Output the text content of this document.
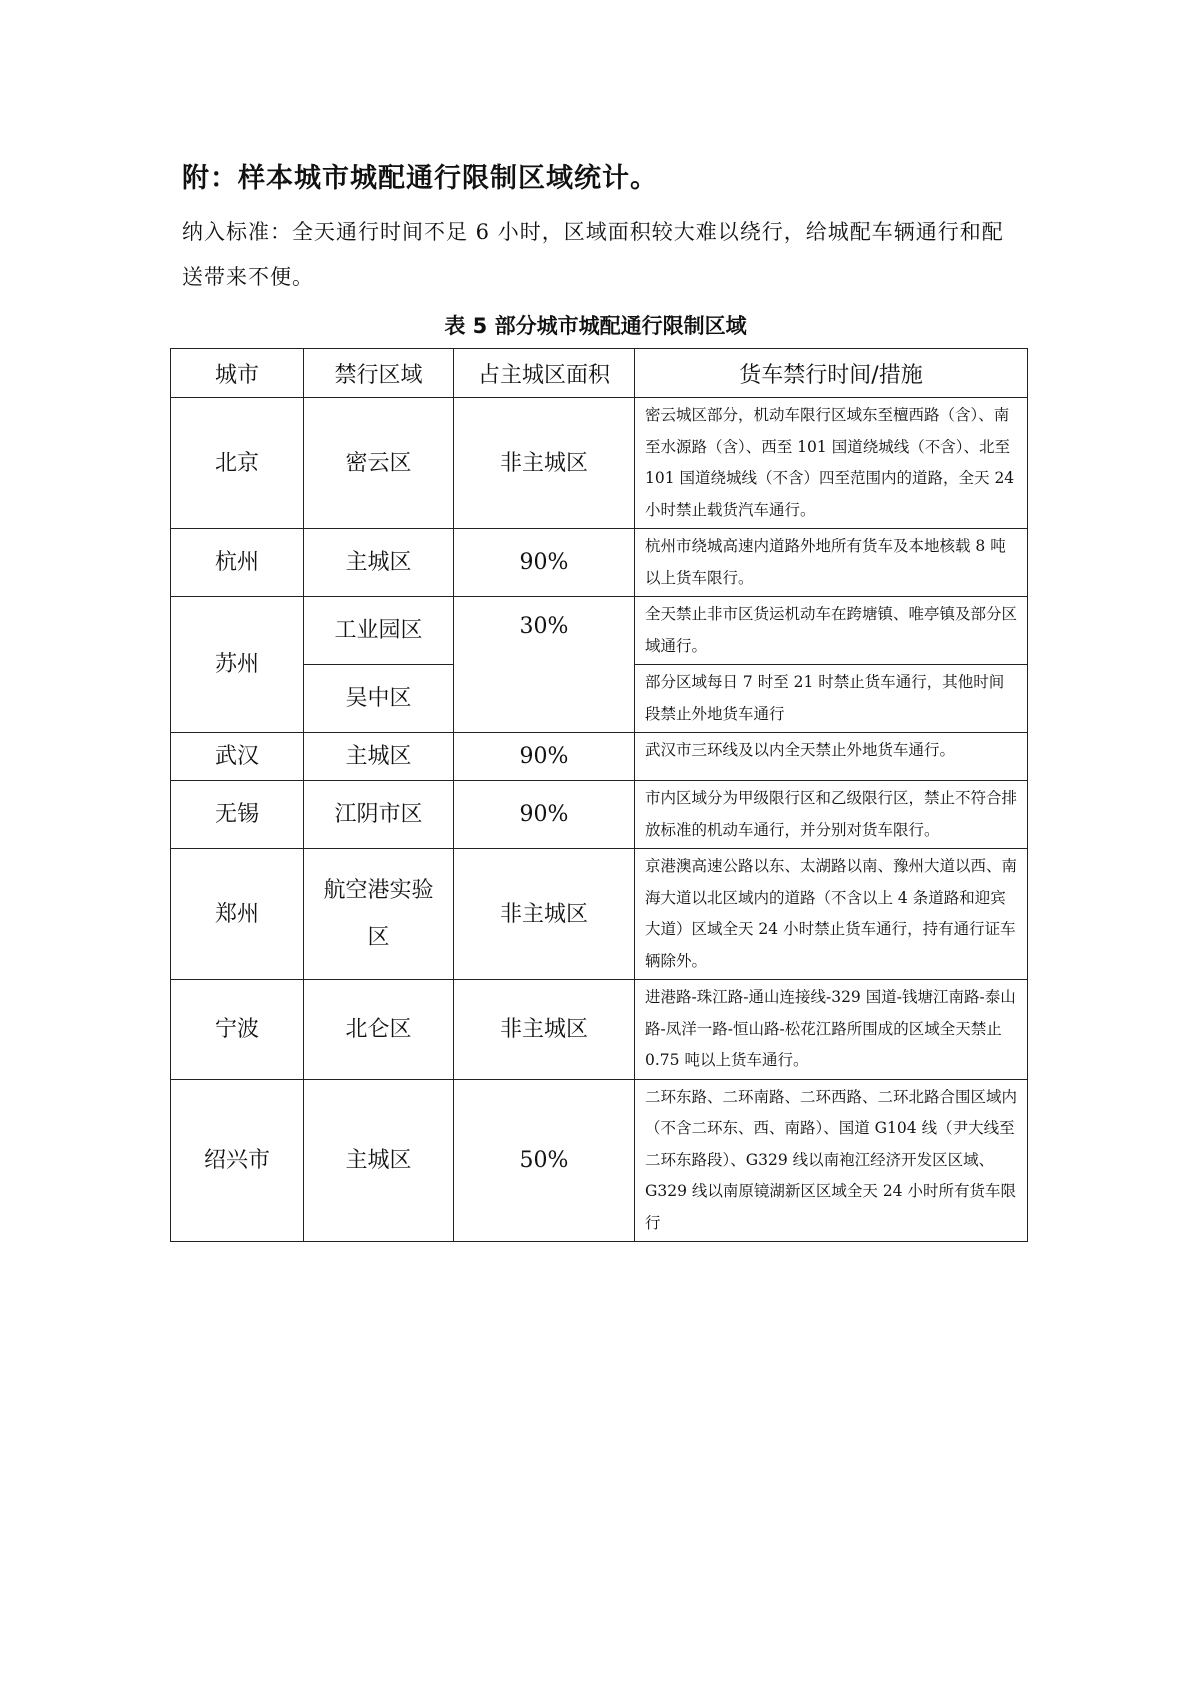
附：样本城市城配通行限制区域统计。
纳入标准：全天通行时间不足 6 小时，区域面积较大难以绕行，给城配车辆通行和配送带来不便。
表 5 部分城市城配通行限制区域
城市	禁行区域	占主城区面积	货车禁行时间/措施
北京	密云区	非主城区	密云城区部分，机动车限行区域东至檀西路（含）、南至水源路（含）、西至 101 国道绕城线（不含）、北至 101 国道绕城线（不含）四至范围内的道路，全天 24 小时禁止载货汽车通行。
杭州	主城区	90%	杭州市绕城高速内道路外地所有货车及本地核载 8 吨以上货车限行。
苏州	工业园区	30%	全天禁止非市区货运机动车在跨塘镇、唯亭镇及部分区域通行。
	吴中区		部分区域每日 7 时至 21 时禁止货车通行，其他时间段禁止外地货车通行
武汉	主城区	90%	武汉市三环线及以内全天禁止外地货车通行。
无锡	江阴市区	90%	市内区域分为甲级限行区和乙级限行区，禁止不符合排放标准的机动车通行，并分别对货车限行。
郑州	航空港实验区	非主城区	京港澳高速公路以东、太湖路以南、豫州大道以西、南海大道以北区域内的道路（不含以上 4 条道路和迎宾大道）区域全天 24 小时禁止货车通行，持有通行证车辆除外。
宁波	北仑区	非主城区	进港路-珠江路-通山连接线-329 国道-钱塘江南路-泰山路-凤洋一路-恒山路-松花江路所围成的区域全天禁止 0.75 吨以上货车通行。
绍兴市	主城区	50%	二环东路、二环南路、二环西路、二环北路合围区域内（不含二环东、西、南路）、国道 G104 线（尹大线至二环东路段）、G329 线以南袍江经济开发区区域、G329 线以南原镜湖新区区域全天 24 小时所有货车限行
